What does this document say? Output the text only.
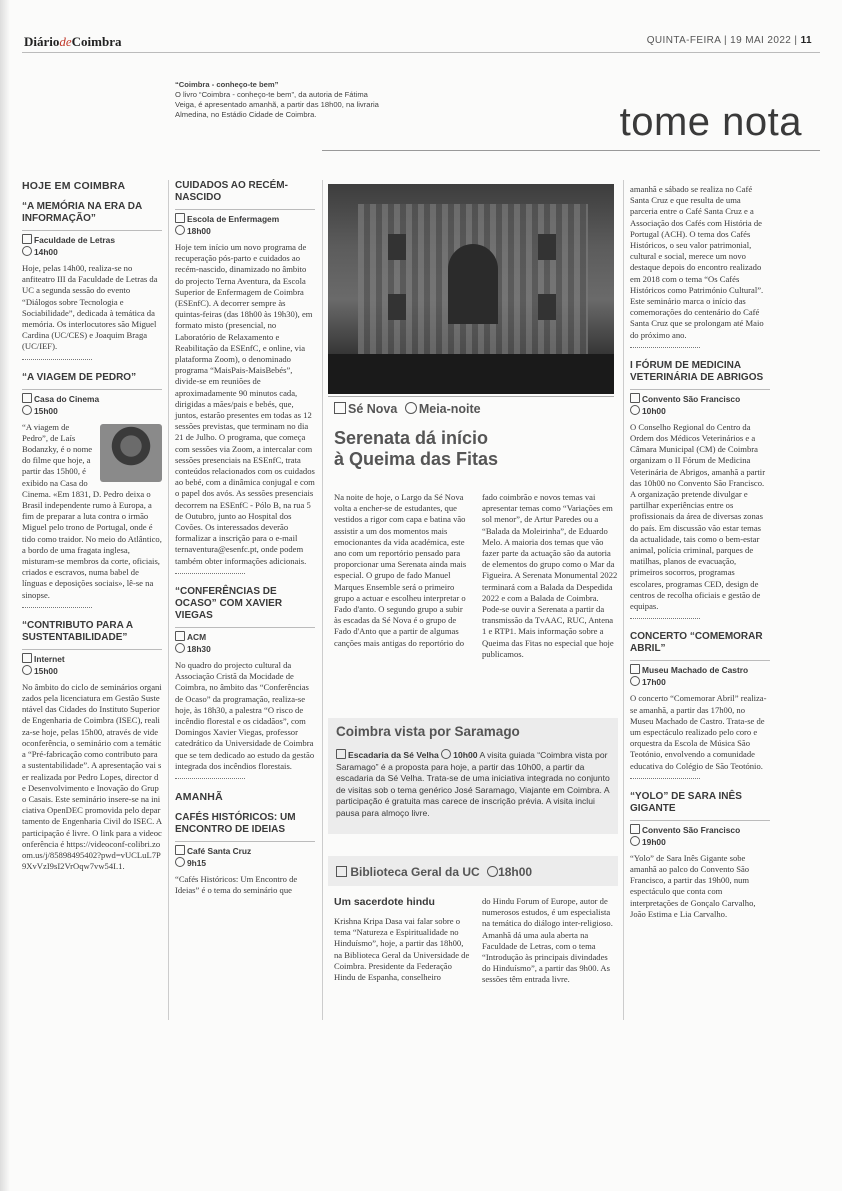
DiáriodeCoimbra	QUINTA-FEIRA | 19 MAI 2022 | 11
“Coimbra - conheço-te bem”
O livro “Coimbra - conheço-te bem”, da autoria de Fátima Veiga, é apresentado amanhã, a partir das 18h00, na livraria Almedina, no Estádio Cidade de Coimbra.	tome nota
HOJE EM COIMBRA
“A MEMÓRIA NA ERA DA INFORMAÇÃO”
Faculdade de Letras
14h00
Hoje, pelas 14h00, realiza-se no anfiteatro III da Faculdade de Letras da UC a segunda sessão do evento “Diálogos sobre Tecnologia e Sociabilidade”, dedicada à temática da memória. Os interlocutores são Miguel Cardina (UC/CES) e Joaquim Braga (UC/IEF).
“A VIAGEM DE PEDRO”
Casa do Cinema
15h00
“A viagem de Pedro”, de Laís Bodanzky, é o nome do filme que hoje, a partir das 15h00, é exibido na Casa do Cinema. «Em 1831, D. Pedro deixa o Brasil independente rumo à Europa, a fim de preparar a luta contra o irmão Miguel pelo trono de Portugal, onde é tido como traidor. No meio do Atlântico, a bordo de uma fragata inglesa, misturam-se membros da corte, oficiais, criados e escravos, numa babel de línguas e deposições sociais», lê-se na sinopse.
“CONTRIBUTO PARA A SUSTENTABILIDADE”
Internet
15h00
No âmbito do ciclo de seminários organizados pela licenciatura em Gestão Sustentável das Cidades do Instituto Superior de Engenharia de Coimbra (ISEC), realiza-se hoje, pelas 15h00, através de videoconferência, o seminário com a temática “Pré-fabricação como contributo para a sustentabilidade”. A apresentação vai ser realizada por Pedro Lopes, director de Desenvolvimento e Inovação do Grupo Casais. Este seminário insere-se na iniciativa OpenDEC promovida pelo departamento de Engenharia Civil do ISEC. A participação é livre. O link para a videoconferência é https://videoconf-colibri.zoom.us/j/85898495402?pwd=vUCLuL7P9XvVzI9sI2VrOqw7vw54I.1.
CUIDADOS AO RECÉM-NASCIDO
Escola de Enfermagem
18h00
Hoje tem início um novo programa de recuperação pós-parto e cuidados ao recém-nascido, dinamizado no âmbito do projecto Terna Aventura, da Escola Superior de Enfermagem de Coimbra (ESEnfC). A decorrer sempre às quintas-feiras (das 18h00 às 19h30), em formato misto (presencial, no Laboratório de Relaxamento e Reabilitação da ESEnfC, e online, via plataforma Zoom), o denominado programa “MaisPais-MaisBebés”, divide-se em reuniões de aproximadamente 90 minutos cada, dirigidas a mães/pais e bebés, que, juntos, estarão presentes em todas as 12 sessões previstas, que terminam no dia 21 de Julho. O programa, que começa com sessões via Zoom, a intercalar com sessões presenciais na ESEnfC, trata conteúdos relacionados com os cuidados ao bebé, com a dinâmica conjugal e com o papel dos avós. As sessões presenciais decorrem na ESEnfC - Pólo B, na rua 5 de Outubro, junto ao Hospital dos Covões. Os interessados deverão formalizar a inscrição para o e-mail ternaventura@esenfc.pt, onde podem também obter informações adicionais.
“CONFERÊNCIAS DE OCASO” COM XAVIER VIEGAS
ACM
18h30
No quadro do projecto cultural da Associação Cristã da Mocidade de Coimbra, no âmbito das “Conferências de Ocaso” da programação, realiza-se hoje, às 18h30, a palestra “O risco de incêndio florestal e os cidadãos”, com Domingos Xavier Viegas, professor catedrático da Universidade de Coimbra que se tem dedicado ao estudo da gestão integrada dos incêndios florestais.
AMANHÃ
CAFÉS HISTÓRICOS: UM ENCONTRO DE IDEIAS
Café Santa Cruz
9h15
“Cafés Históricos: Um Encontro de Ideias” é o tema do seminário que
Sé Nova Meia-noite
Serenata dá início
à Queima das Fitas
Na noite de hoje, o Largo da Sé Nova volta a encher-se de estudantes, que vestidos a rigor com capa e batina vão assistir a um dos momentos mais emocionantes da vida académica, este ano com um reportório pensado para proporcionar uma Serenata ainda mais especial. O grupo de fado Manuel Marques Ensemble será o primeiro grupo a actuar e escolheu interpretar o Fado d'anto. O segundo grupo a subir às escadas da Sé Nova é o grupo de Fado d'Anto que a partir de algumas canções mais antigas do reportório do
fado coimbrão e novos temas vai apresentar temas como “Variações em sol menor”, de Artur Paredes ou a “Balada da Moleirinha”, de Eduardo Melo. A maioria dos temas que vão fazer parte da actuação são da autoria de elementos do grupo como o Mar da Figueira. A Serenata Monumental 2022 terminará com a Balada da Despedida 2022 e com a Balada de Coimbra. Pode-se ouvir a Serenata a partir da transmissão da TvAAC, RUC, Antena 1 e RTP1. Mais informação sobre a Queima das Fitas no especial que hoje publicamos.
amanhã e sábado se realiza no Café Santa Cruz e que resulta de uma parceria entre o Café Santa Cruz e a Associação dos Cafés com História de Portugal (ACH). O tema dos Cafés Históricos, o seu valor patrimonial, cultural e social, merece um novo destaque depois do encontro realizado em 2018 com o tema “Os Cafés Históricos como Património Cultural”. Este seminário marca o início das comemorações do centenário do Café Santa Cruz que se prolongam até Maio do próximo ano.
I FÓRUM DE MEDICINA VETERINÁRIA DE ABRIGOS
Convento São Francisco
10h00
O Conselho Regional do Centro da Ordem dos Médicos Veterinários e a Câmara Municipal (CM) de Coimbra organizam o II Fórum de Medicina Veterinária de Abrigos, amanhã a partir das 10h00 no Convento São Francisco. A organização pretende divulgar e partilhar experiências entre os profissionais da área de diversas zonas do país. Em discussão vão estar temas da actualidade, tais como o bem-estar animal, polícia criminal, parques de matilhas, planos de evacuação, primeiros socorros, programas escolares, programas CED, design de centros de recolha oficiais e gestão de equipas.
CONCERTO “COMEMORAR ABRIL”
Museu Machado de Castro
17h00
O concerto “Comemorar Abril” realiza-se amanhã, a partir das 17h00, no Museu Machado de Castro. Trata-se de um espectáculo realizado pelo coro e orquestra da Escola de Música São Teotónio, envolvendo a comunidade educativa do Colégio de São Teotónio.
“YOLO” DE SARA INÊS GIGANTE
Convento São Francisco
19h00
“Yolo” de Sara Inês Gigante sobe amanhã ao palco do Convento São Francisco, a partir das 19h00, num espectáculo que conta com interpretações de Gonçalo Carvalho, João Estima e Lia Carvalho.
Coimbra vista por Saramago
Escadaria da Sé Velha 10h00 A visita guiada “Coimbra vista por Saramago” é a proposta para hoje, a partir das 10h00, a partir da escadaria da Sé Velha. Trata-se de uma iniciativa integrada no conjunto de visitas sob o tema genérico José Saramago, Viajante em Coimbra. A participação é gratuita mas carece de inscrição prévia. A visita inclui pausa para almoço livre.
Biblioteca Geral da UC 18h00
Um sacerdote hindu
Krishna Kripa Dasa vai falar sobre o tema “Natureza e Espiritualidade no Hinduísmo”, hoje, a partir das 18h00, na Biblioteca Geral da Universidade de Coimbra. Presidente da Federação Hindu de Espanha, conselheiro
do Hindu Forum of Europe, autor de numerosos estudos, é um especialista na temática do diálogo inter-religioso. Amanhã dá uma aula aberta na Faculdade de Letras, com o tema “Introdução às principais divindades do Hinduísmo”, a partir das 9h00. As sessões têm entrada livre.
